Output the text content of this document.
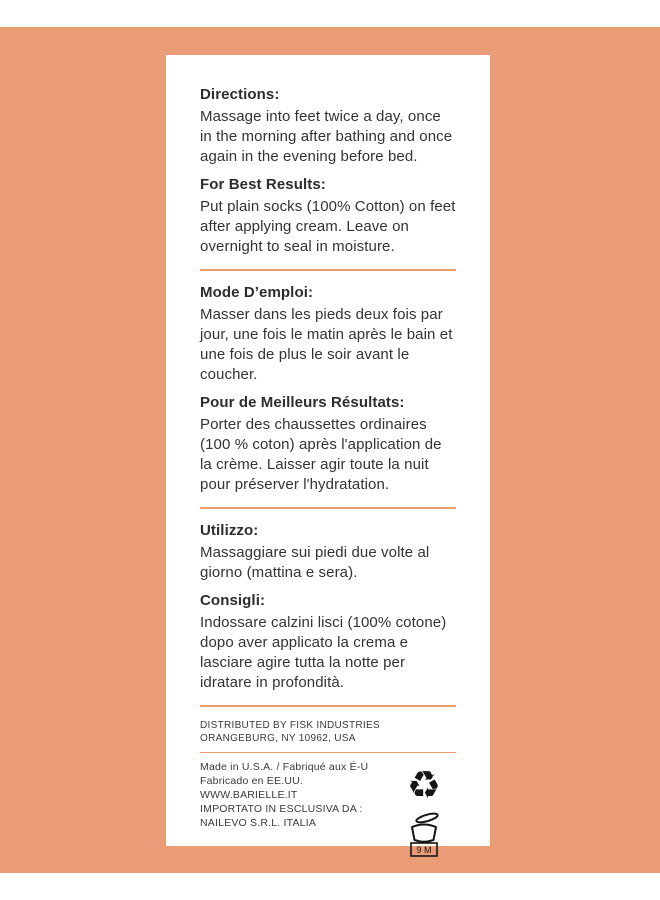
Directions:

Massage into feet twice a day, once in the morning after bathing and once again in the evening before bed.

For Best Results:

Put plain socks (100% Cotton) on feet after applying cream. Leave on overnight to seal in moisture.

Mode D’emploi:

Masser dans les pieds deux fois par jour, une fois le matin après le bain et une fois de plus le soir avant le coucher.

Pour de Meilleurs Résultats:

Porter des chaussettes ordinaires (100 % coton) après l'application de la crème. Laisser agir toute la nuit pour préserver l'hydratation.

Utilizzo:

Massaggiare sui piedi due volte al giorno (mattina e sera).

Consigli:

Indossare calzini lisci (100% cotone) dopo aver applicato la crema e lasciare agire tutta la notte per idratare in profondità.

DISTRIBUTED BY FISK INDUSTRIES

ORANGEBURG, NY 10962, USA

Made in U.S.A. / Fabriqué aux É-U

Fabricado en EE.UU.

WWW.BARIELLE.IT

IMPORTATO IN ESCLUSIVA DA :

NAILEVO S.R.L. ITALIA

♻
9 M
